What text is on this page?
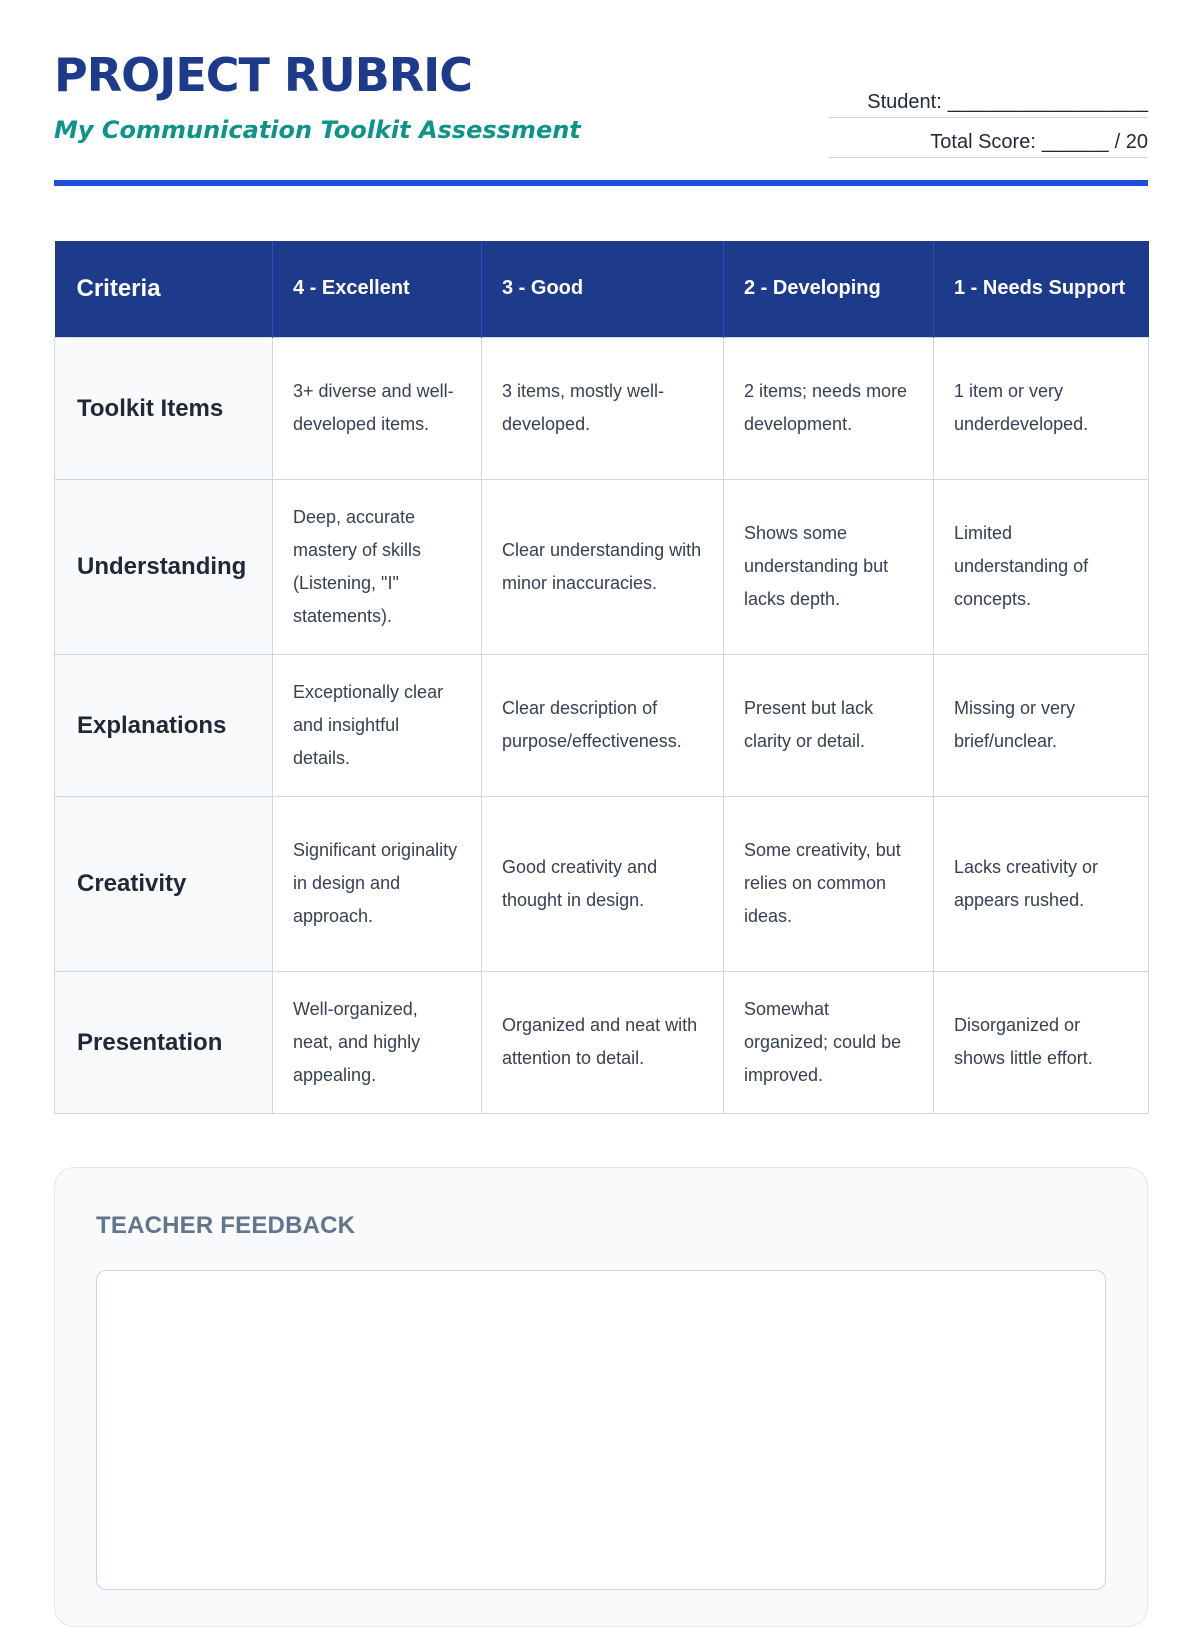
PROJECT RUBRIC
My Communication Toolkit Assessment
Student: __________________
Total Score: ______ / 20
Criteria	4 - Excellent	3 - Good	2 - Developing	1 - Needs Support
Toolkit Items	3+ diverse and well-developed items.	3 items, mostly well-developed.	2 items; needs more development.	1 item or very underdeveloped.
Understanding	Deep, accurate mastery of skills (Listening, "I" statements).	Clear understanding with minor inaccuracies.	Shows some understanding but lacks depth.	Limited understanding of concepts.
Explanations	Exceptionally clear and insightful details.	Clear description of purpose/effectiveness.	Present but lack clarity or detail.	Missing or very brief/unclear.
Creativity	Significant originality in design and approach.	Good creativity and thought in design.	Some creativity, but relies on common ideas.	Lacks creativity or appears rushed.
Presentation	Well-organized, neat, and highly appealing.	Organized and neat with attention to detail.	Somewhat organized; could be improved.	Disorganized or shows little effort.
TEACHER FEEDBACK
